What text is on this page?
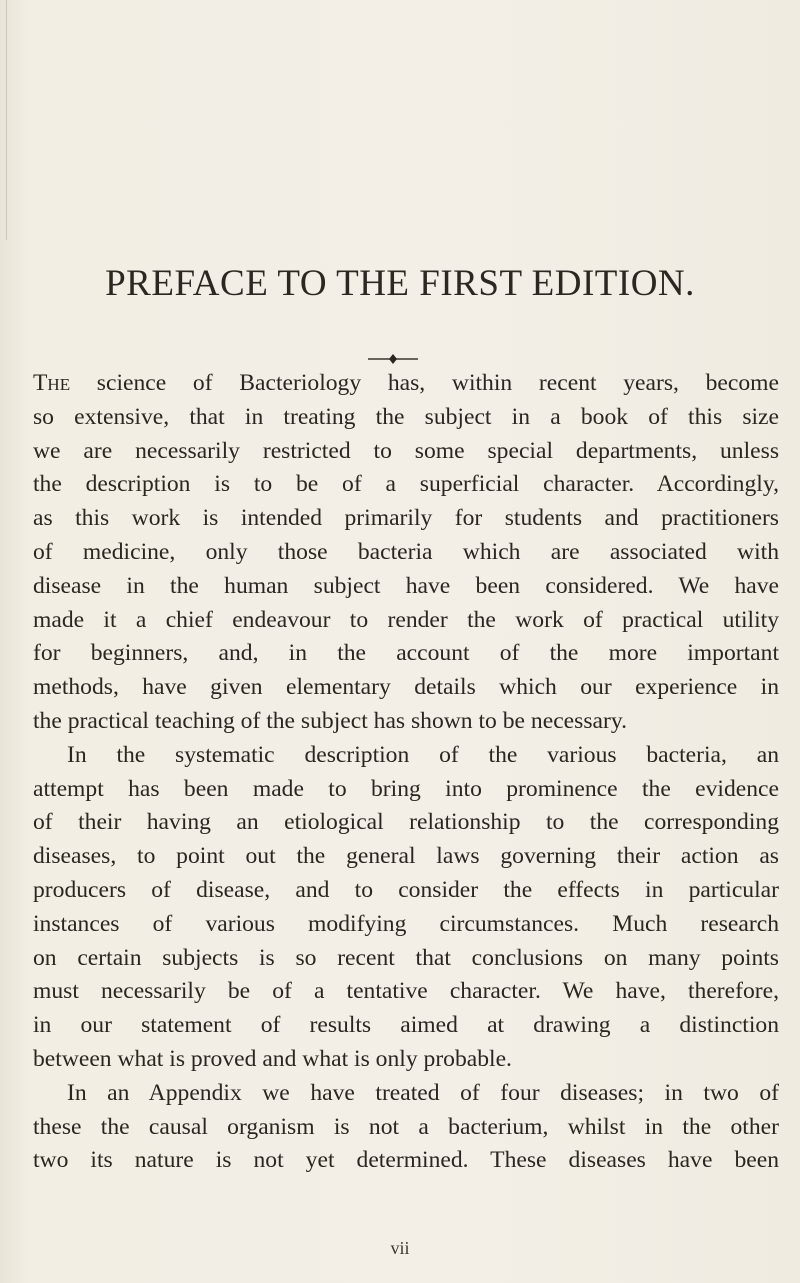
PREFACE TO THE FIRST EDITION.
The science of Bacteriology has, within recent years, become
so extensive, that in treating the subject in a book of this size
we are necessarily restricted to some special departments, unless
the description is to be of a superficial character. Accordingly,
as this work is intended primarily for students and practitioners
of medicine, only those bacteria which are associated with
disease in the human subject have been considered. We have
made it a chief endeavour to render the work of practical utility
for beginners, and, in the account of the more important
methods, have given elementary details which our experience in
the practical teaching of the subject has shown to be necessary.
In the systematic description of the various bacteria, an
attempt has been made to bring into prominence the evidence
of their having an etiological relationship to the corresponding
diseases, to point out the general laws governing their action as
producers of disease, and to consider the effects in particular
instances of various modifying circumstances. Much research
on certain subjects is so recent that conclusions on many points
must necessarily be of a tentative character. We have, therefore,
in our statement of results aimed at drawing a distinction
between what is proved and what is only probable.
In an Appendix we have treated of four diseases; in two of
these the causal organism is not a bacterium, whilst in the other
two its nature is not yet determined. These diseases have been
vii
